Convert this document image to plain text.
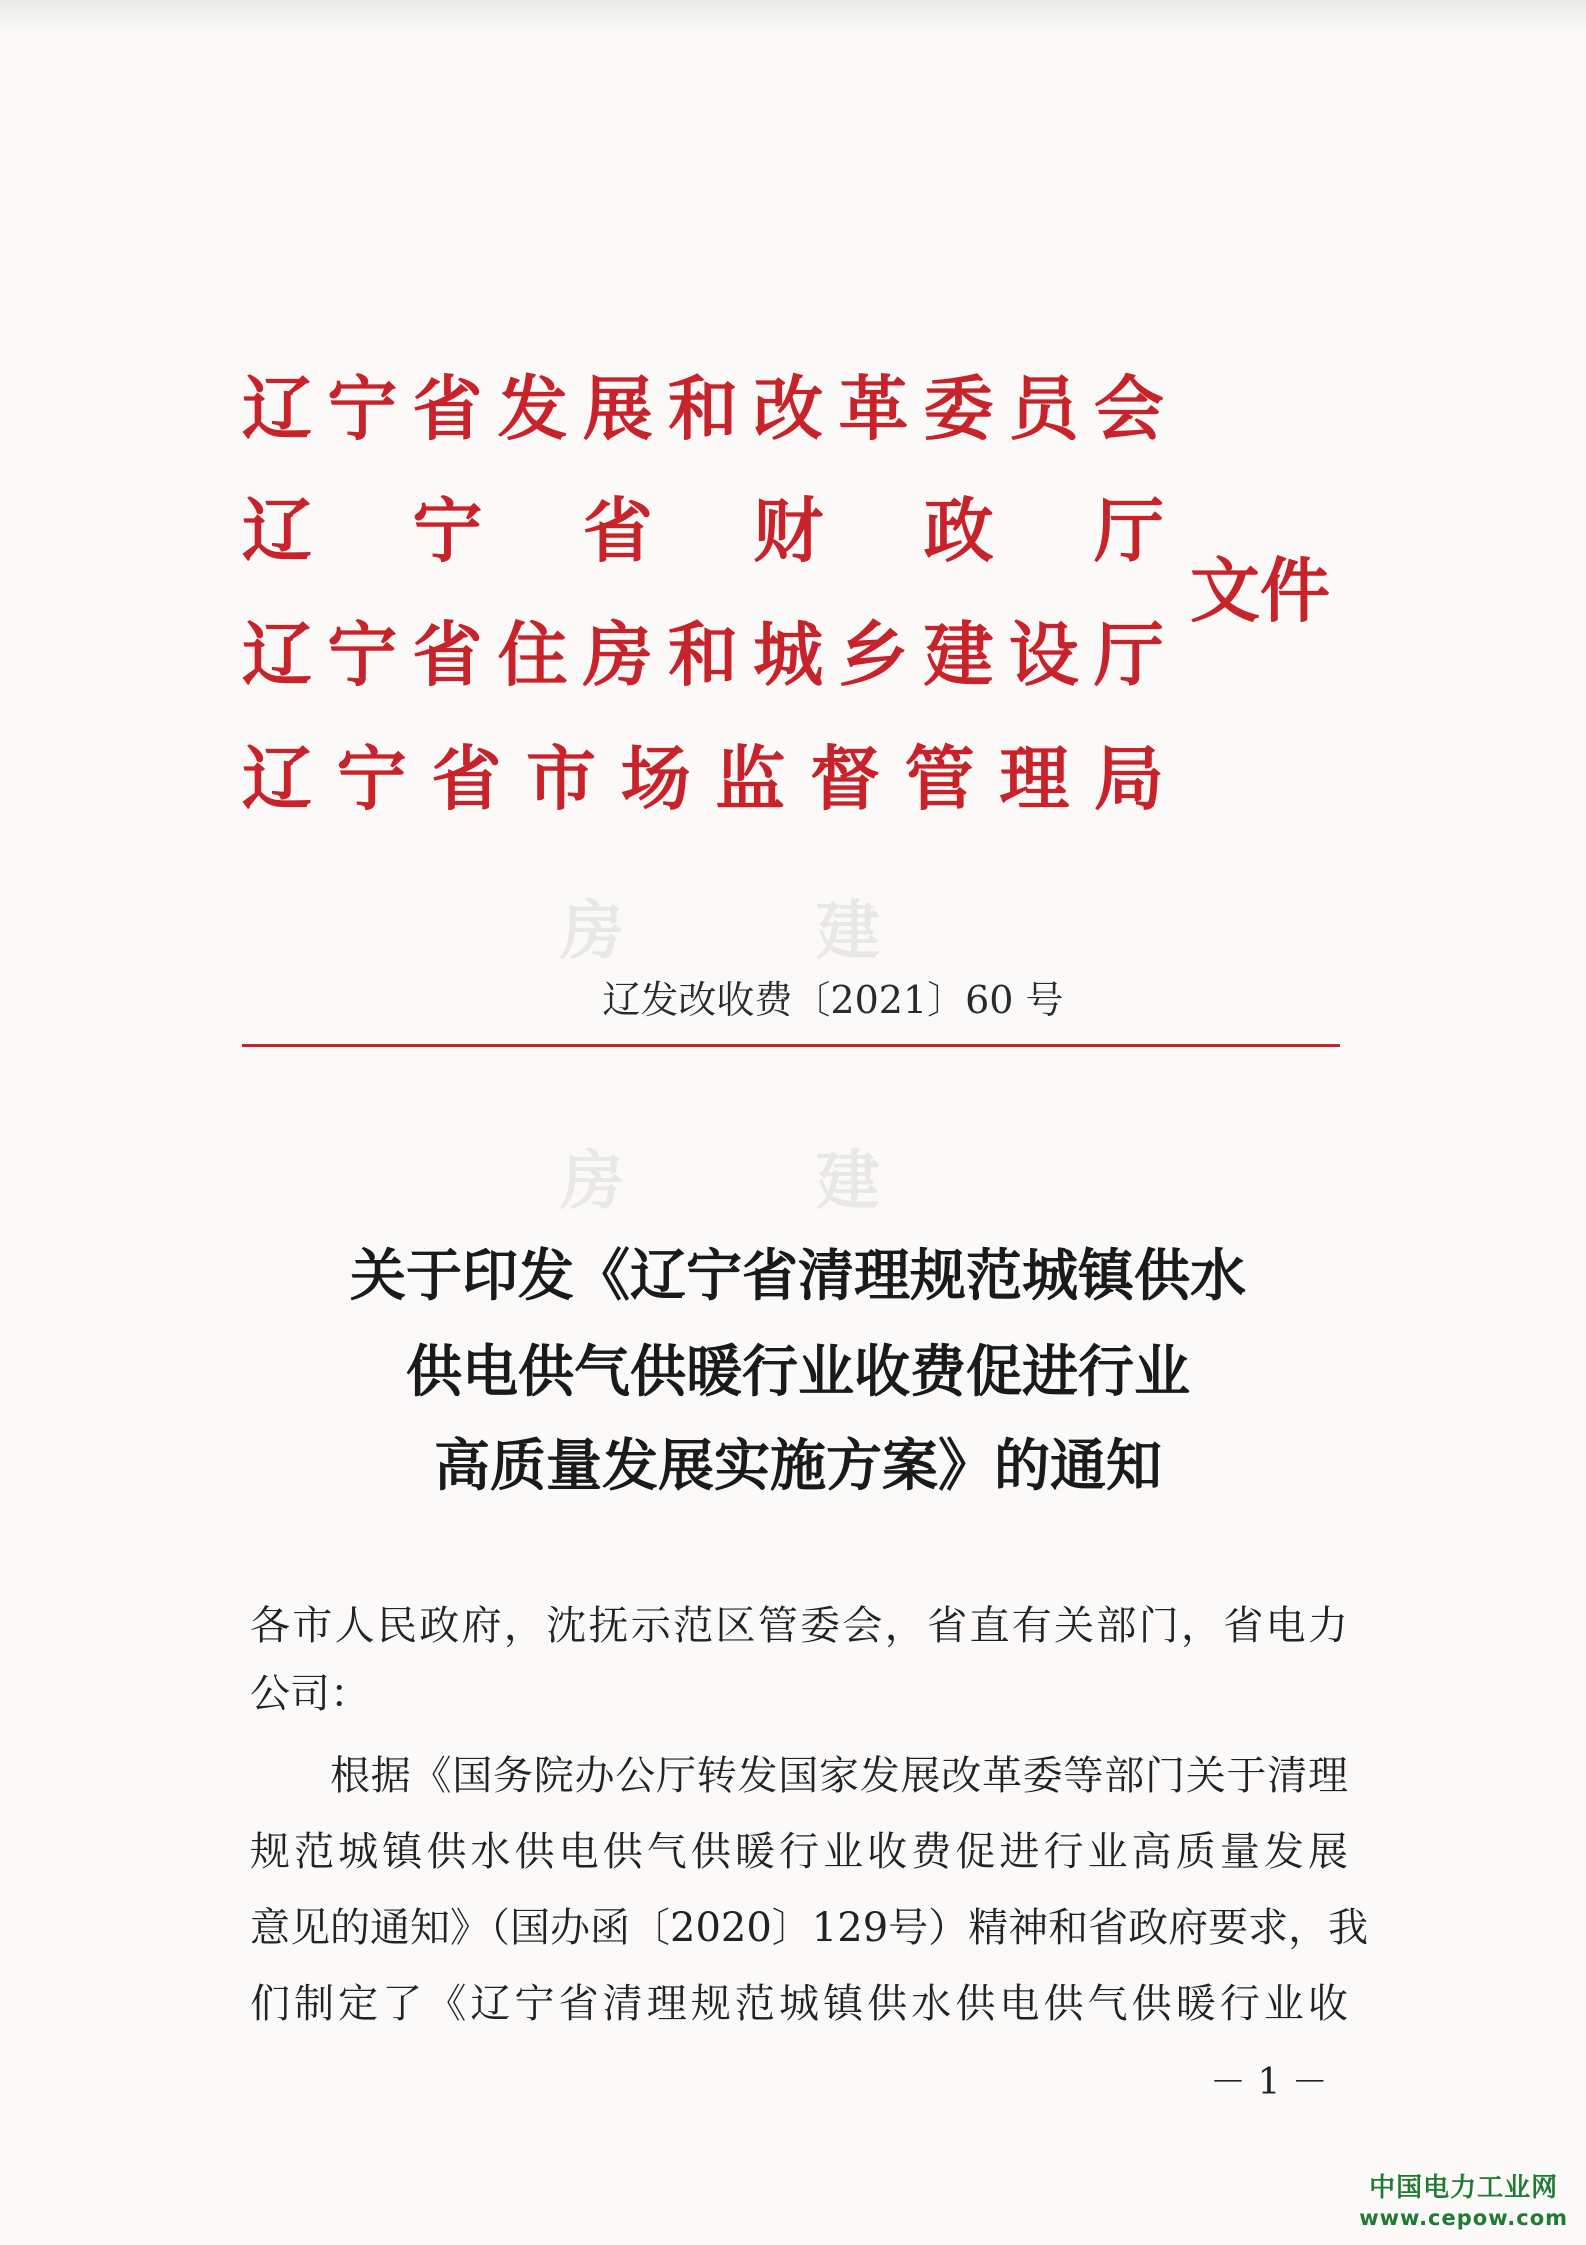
房　　　建
房　　　建
辽 宁 省 发 展 和 改 革 委 员 会
辽 宁 省 财 政 厅
辽 宁 省 住 房 和 城 乡 建 设 厅
辽 宁 省 市 场 监 督 管 理 局
文件
辽发改收费〔2021〕60 号
关于印发《辽宁省清理规范城镇供水
供电供气供暖行业收费促进行业
高质量发展实施方案》的通知
各市人民政府，沈抚示范区管委会，省直有关部门，省电力
公司：
根据《国务院办公厅转发国家发展改革委等部门关于清理
规范城镇供水供电供气供暖行业收费促进行业高质量发展
意见的通知》（国办函〔2020〕129号）精神和省政府要求，我
们制定了《辽宁省清理规范城镇供水供电供气供暖行业收
－ 1 －
中国电力工业网
www.cepow.com
